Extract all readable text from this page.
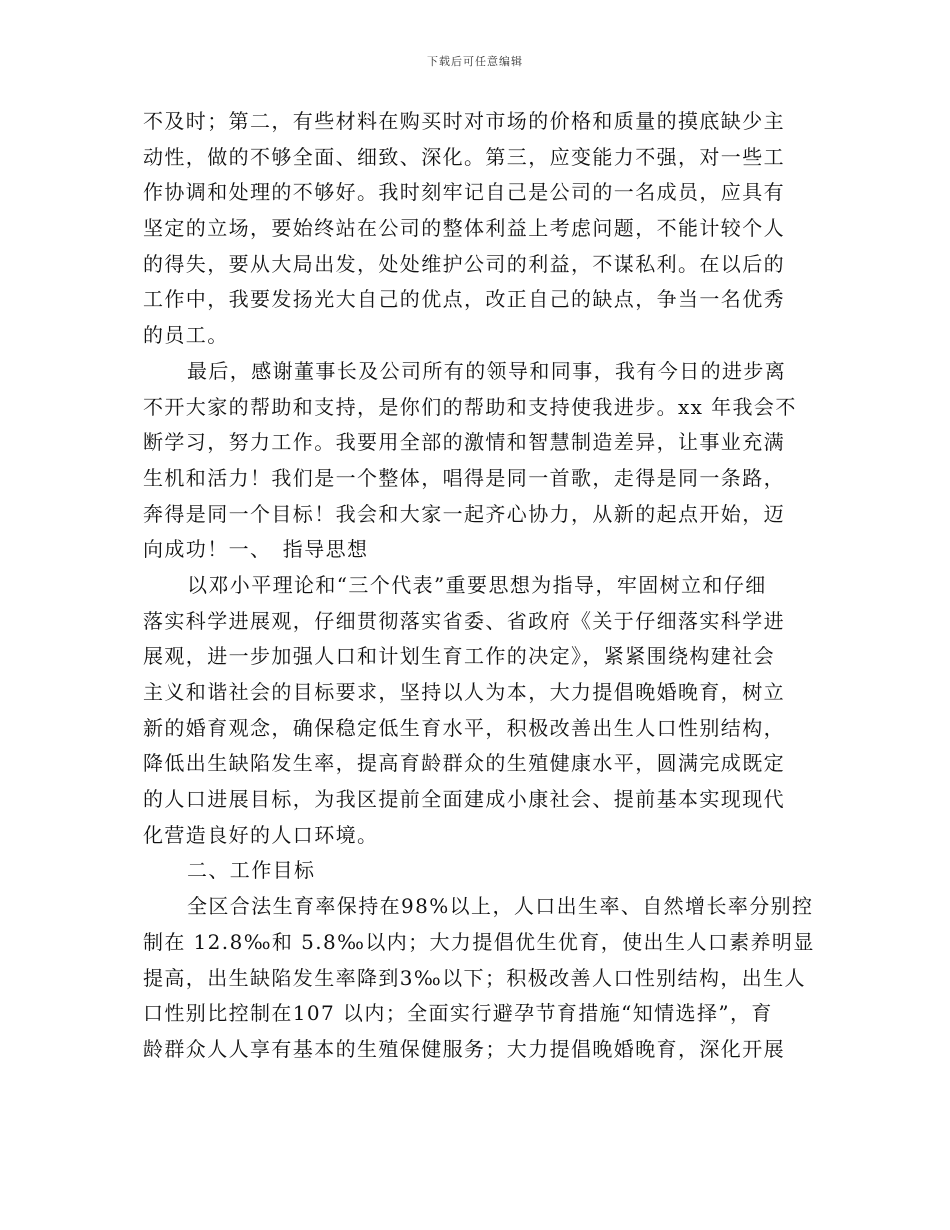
下载后可任意编辑
不及时；第二，有些材料在购买时对市场的价格和质量的摸底缺少主
动性，做的不够全面、细致、深化。第三，应变能力不强，对一些工
作协调和处理的不够好。我时刻牢记自己是公司的一名成员，应具有
坚定的立场，要始终站在公司的整体利益上考虑问题，不能计较个人
的得失，要从大局出发，处处维护公司的利益，不谋私利。在以后的
工作中，我要发扬光大自己的优点，改正自己的缺点，争当一名优秀
的员工。
最后，感谢董事长及公司所有的领导和同事，我有今日的进步离
不开大家的帮助和支持，是你们的帮助和支持使我进步。xx 年我会不
断学习，努力工作。我要用全部的激情和智慧制造差异，让事业充满
生机和活力！我们是一个整体，唱得是同一首歌，走得是同一条路，
奔得是同一个目标！我会和大家一起齐心协力，从新的起点开始，迈
向成功！一、　指导思想
以邓小平理论和“三个代表”重要思想为指导，牢固树立和仔细
落实科学进展观，仔细贯彻落实省委、省政府《关于仔细落实科学进
展观，进一步加强人口和计划生育工作的决定》，紧紧围绕构建社会
主义和谐社会的目标要求，坚持以人为本，大力提倡晚婚晚育，树立
新的婚育观念，确保稳定低生育水平，积极改善出生人口性别结构，
降低出生缺陷发生率，提高育龄群众的生殖健康水平，圆满完成既定
的人口进展目标，为我区提前全面建成小康社会、提前基本实现现代
化营造良好的人口环境。
二、工作目标
全区合法生育率保持在98%以上，人口出生率、自然增长率分别控
制在 12.8‰和 5.8‰以内；大力提倡优生优育，使出生人口素养明显
提高，出生缺陷发生率降到3‰以下；积极改善人口性别结构，出生人
口性别比控制在107 以内；全面实行避孕节育措施“知情选择”，育
龄群众人人享有基本的生殖保健服务；大力提倡晚婚晚育，深化开展
